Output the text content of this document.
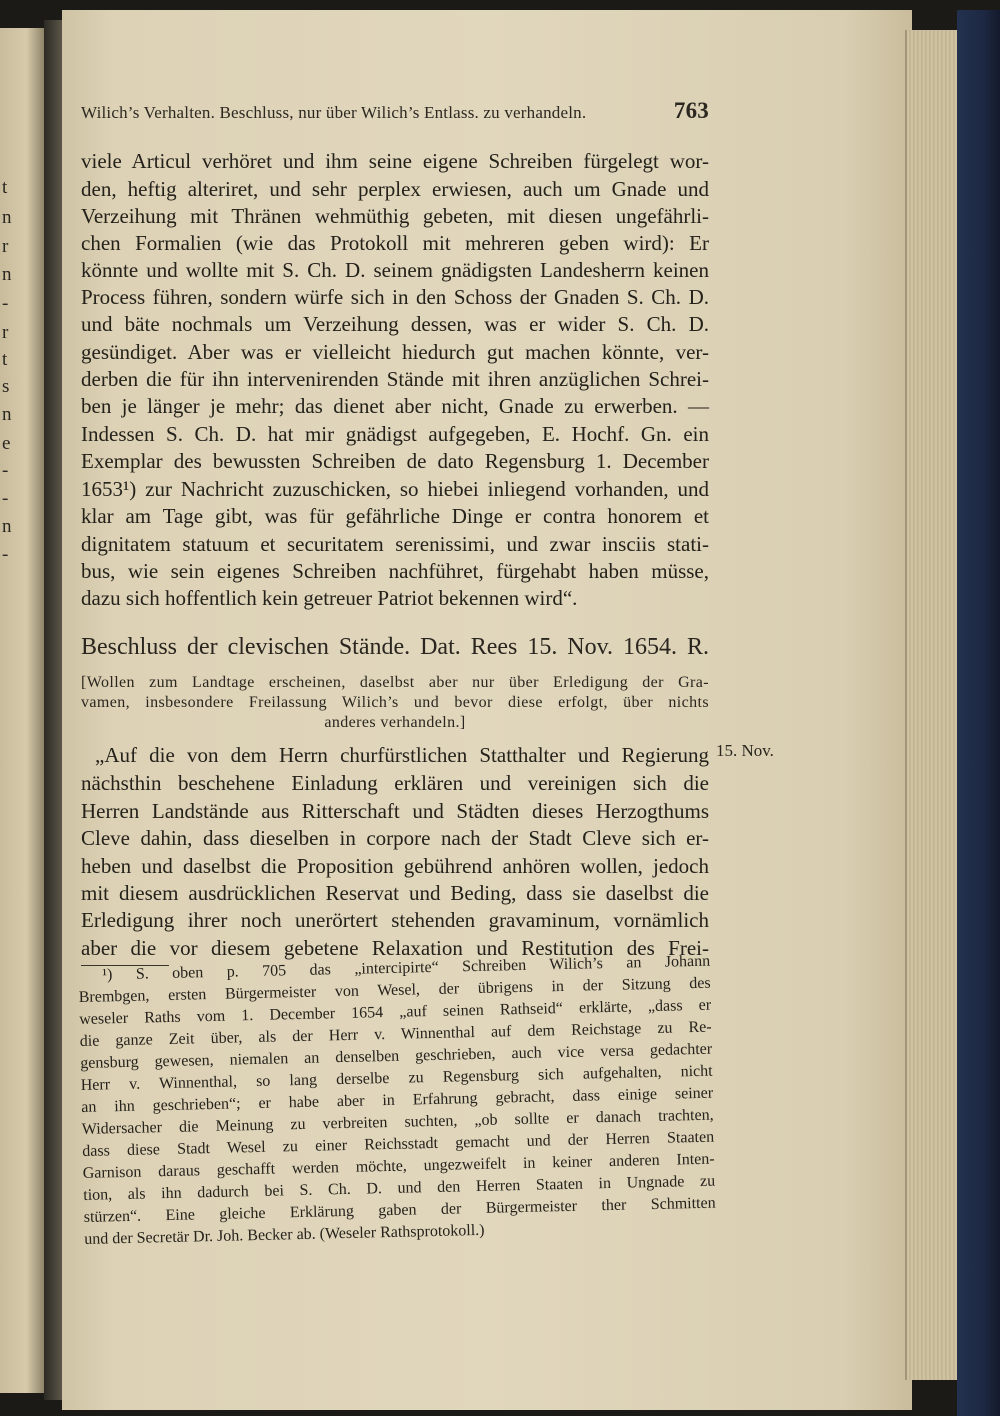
t
n
r
n
-
r
t
s
n
e
-
-
n
-
Wilich’s Verhalten. Beschluss, nur über Wilich’s Entlass. zu verhandeln.	763
viele Articul verhöret und ihm seine eigene Schreiben fürgelegt wor-
den, heftig alteriret, und sehr perplex erwiesen, auch um Gnade und
Verzeihung mit Thränen wehmüthig gebeten, mit diesen ungefährli-
chen Formalien (wie das Protokoll mit mehreren geben wird): Er
könnte und wollte mit S. Ch. D. seinem gnädigsten Landesherrn keinen
Process führen, sondern würfe sich in den Schoss der Gnaden S. Ch. D.
und bäte nochmals um Verzeihung dessen, was er wider S. Ch. D.
gesündiget. Aber was er vielleicht hiedurch gut machen könnte, ver-
derben die für ihn intervenirenden Stände mit ihren anzüglichen Schrei-
ben je länger je mehr; das dienet aber nicht, Gnade zu erwerben. —
Indessen S. Ch. D. hat mir gnädigst aufgegeben, E. Hochf. Gn. ein
Exemplar des bewussten Schreiben de dato Regensburg 1. December
1653¹) zur Nachricht zuzuschicken, so hiebei inliegend vorhanden, und
klar am Tage gibt, was für gefährliche Dinge er contra honorem et
dignitatem statuum et securitatem serenissimi, und zwar insciis stati-
bus, wie sein eigenes Schreiben nachführet, fürgehabt haben müsse,
dazu sich hoffentlich kein getreuer Patriot bekennen wird“.
Beschluss der clevischen Stände. Dat. Rees 15. Nov. 1654. R.
[Wollen zum Landtage erscheinen, daselbst aber nur über Erledigung der Gra-
vamen, insbesondere Freilassung Wilich’s und bevor diese erfolgt, über nichts
anderes verhandeln.]
15. Nov.
„Auf die von dem Herrn churfürstlichen Statthalter und Regierung
nächsthin beschehene Einladung erklären und vereinigen sich die
Herren Landstände aus Ritterschaft und Städten dieses Herzogthums
Cleve dahin, dass dieselben in corpore nach der Stadt Cleve sich er-
heben und daselbst die Proposition gebührend anhören wollen, jedoch
mit diesem ausdrücklichen Reservat und Beding, dass sie daselbst die
Erledigung ihrer noch unerörtert stehenden gravaminum, vornämlich
aber die vor diesem gebetene Relaxation und Restitution des Frei-
¹) S. oben p. 705 das „intercipirte“ Schreiben Wilich’s an Johann
Brembgen, ersten Bürgermeister von Wesel, der übrigens in der Sitzung des
weseler Raths vom 1. December 1654 „auf seinen Rathseid“ erklärte, „dass er
die ganze Zeit über, als der Herr v. Winnenthal auf dem Reichstage zu Re-
gensburg gewesen, niemalen an denselben geschrieben, auch vice versa gedachter
Herr v. Winnenthal, so lang derselbe zu Regensburg sich aufgehalten, nicht
an ihn geschrieben“; er habe aber in Erfahrung gebracht, dass einige seiner
Widersacher die Meinung zu verbreiten suchten, „ob sollte er danach trachten,
dass diese Stadt Wesel zu einer Reichsstadt gemacht und der Herren Staaten
Garnison daraus geschafft werden möchte, ungezweifelt in keiner anderen Inten-
tion, als ihn dadurch bei S. Ch. D. und den Herren Staaten in Ungnade zu
stürzen“. Eine gleiche Erklärung gaben der Bürgermeister ther Schmitten
und der Secretär Dr. Joh. Becker ab. (Weseler Rathsprotokoll.)
